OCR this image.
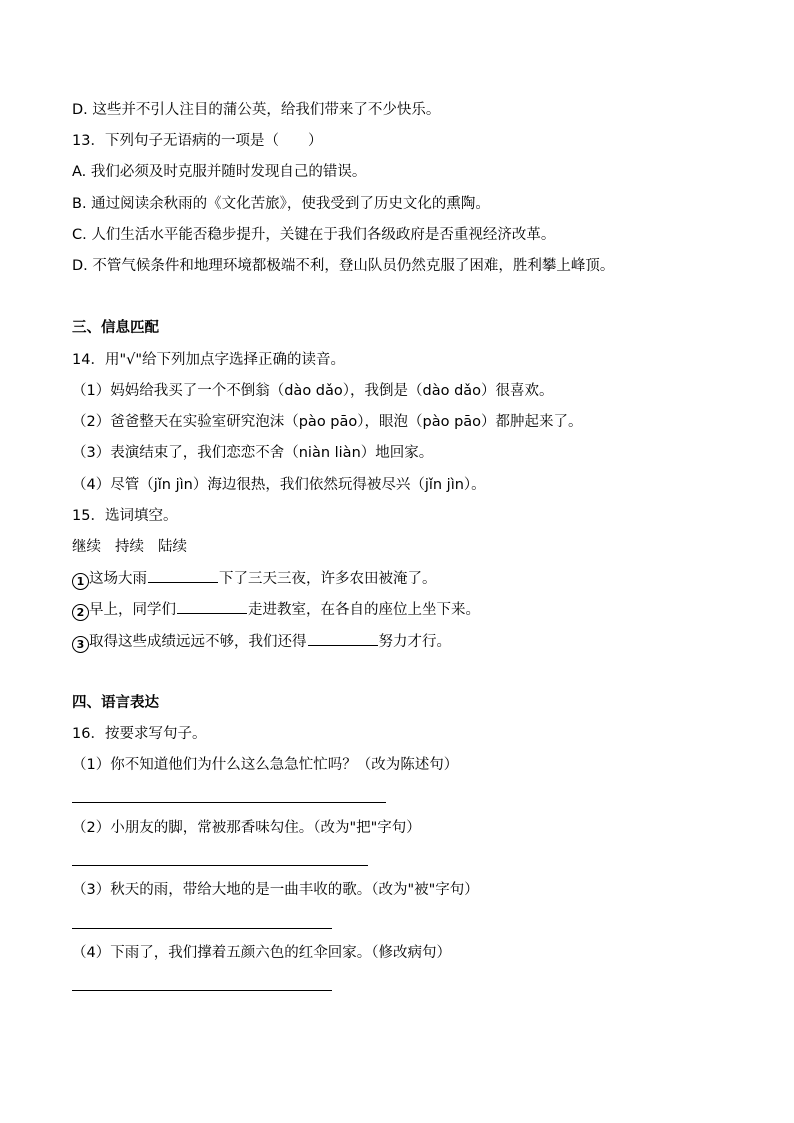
D. 这些并不引人注目的蒲公英，给我们带来了不少快乐。
13．下列句子无语病的一项是（　　）
A. 我们必须及时克服并随时发现自己的错误。
B. 通过阅读余秋雨的《文化苦旅》，使我受到了历史文化的熏陶。
C. 人们生活水平能否稳步提升，关键在于我们各级政府是否重视经济改革。
D. 不管气候条件和地理环境都极端不利，登山队员仍然克服了困难，胜利攀上峰顶。
三、信息匹配
14．用"√"给下列加点字选择正确的读音。
（1）妈妈给我买了一个不倒翁（dào dǎo），我倒是（dào dǎo）很喜欢。
（2）爸爸整天在实验室研究泡沫（pào pāo），眼泡（pào pāo）都肿起来了。
（3）表演结束了，我们恋恋不舍（niàn liàn）地回家。
（4）尽管（jǐn jìn）海边很热，我们依然玩得被尽兴（jǐn jìn）。
15．选词填空。
继续 持续 陆续
1 这场大雨	下了三天三夜，许多农田被淹了。
2 早上，同学们	走进教室，在各自的座位上坐下来。
3 取得这些成绩远远不够，我们还得	努力才行。
四、语言表达
16．按要求写句子。
（1）你不知道他们为什么这么急急忙忙吗？（改为陈述句）
（2）小朋友的脚，常被那香味勾住。（改为"把"字句）
（3）秋天的雨，带给大地的是一曲丰收的歌。（改为"被"字句）
（4）下雨了，我们撑着五颜六色的红伞回家。（修改病句）
